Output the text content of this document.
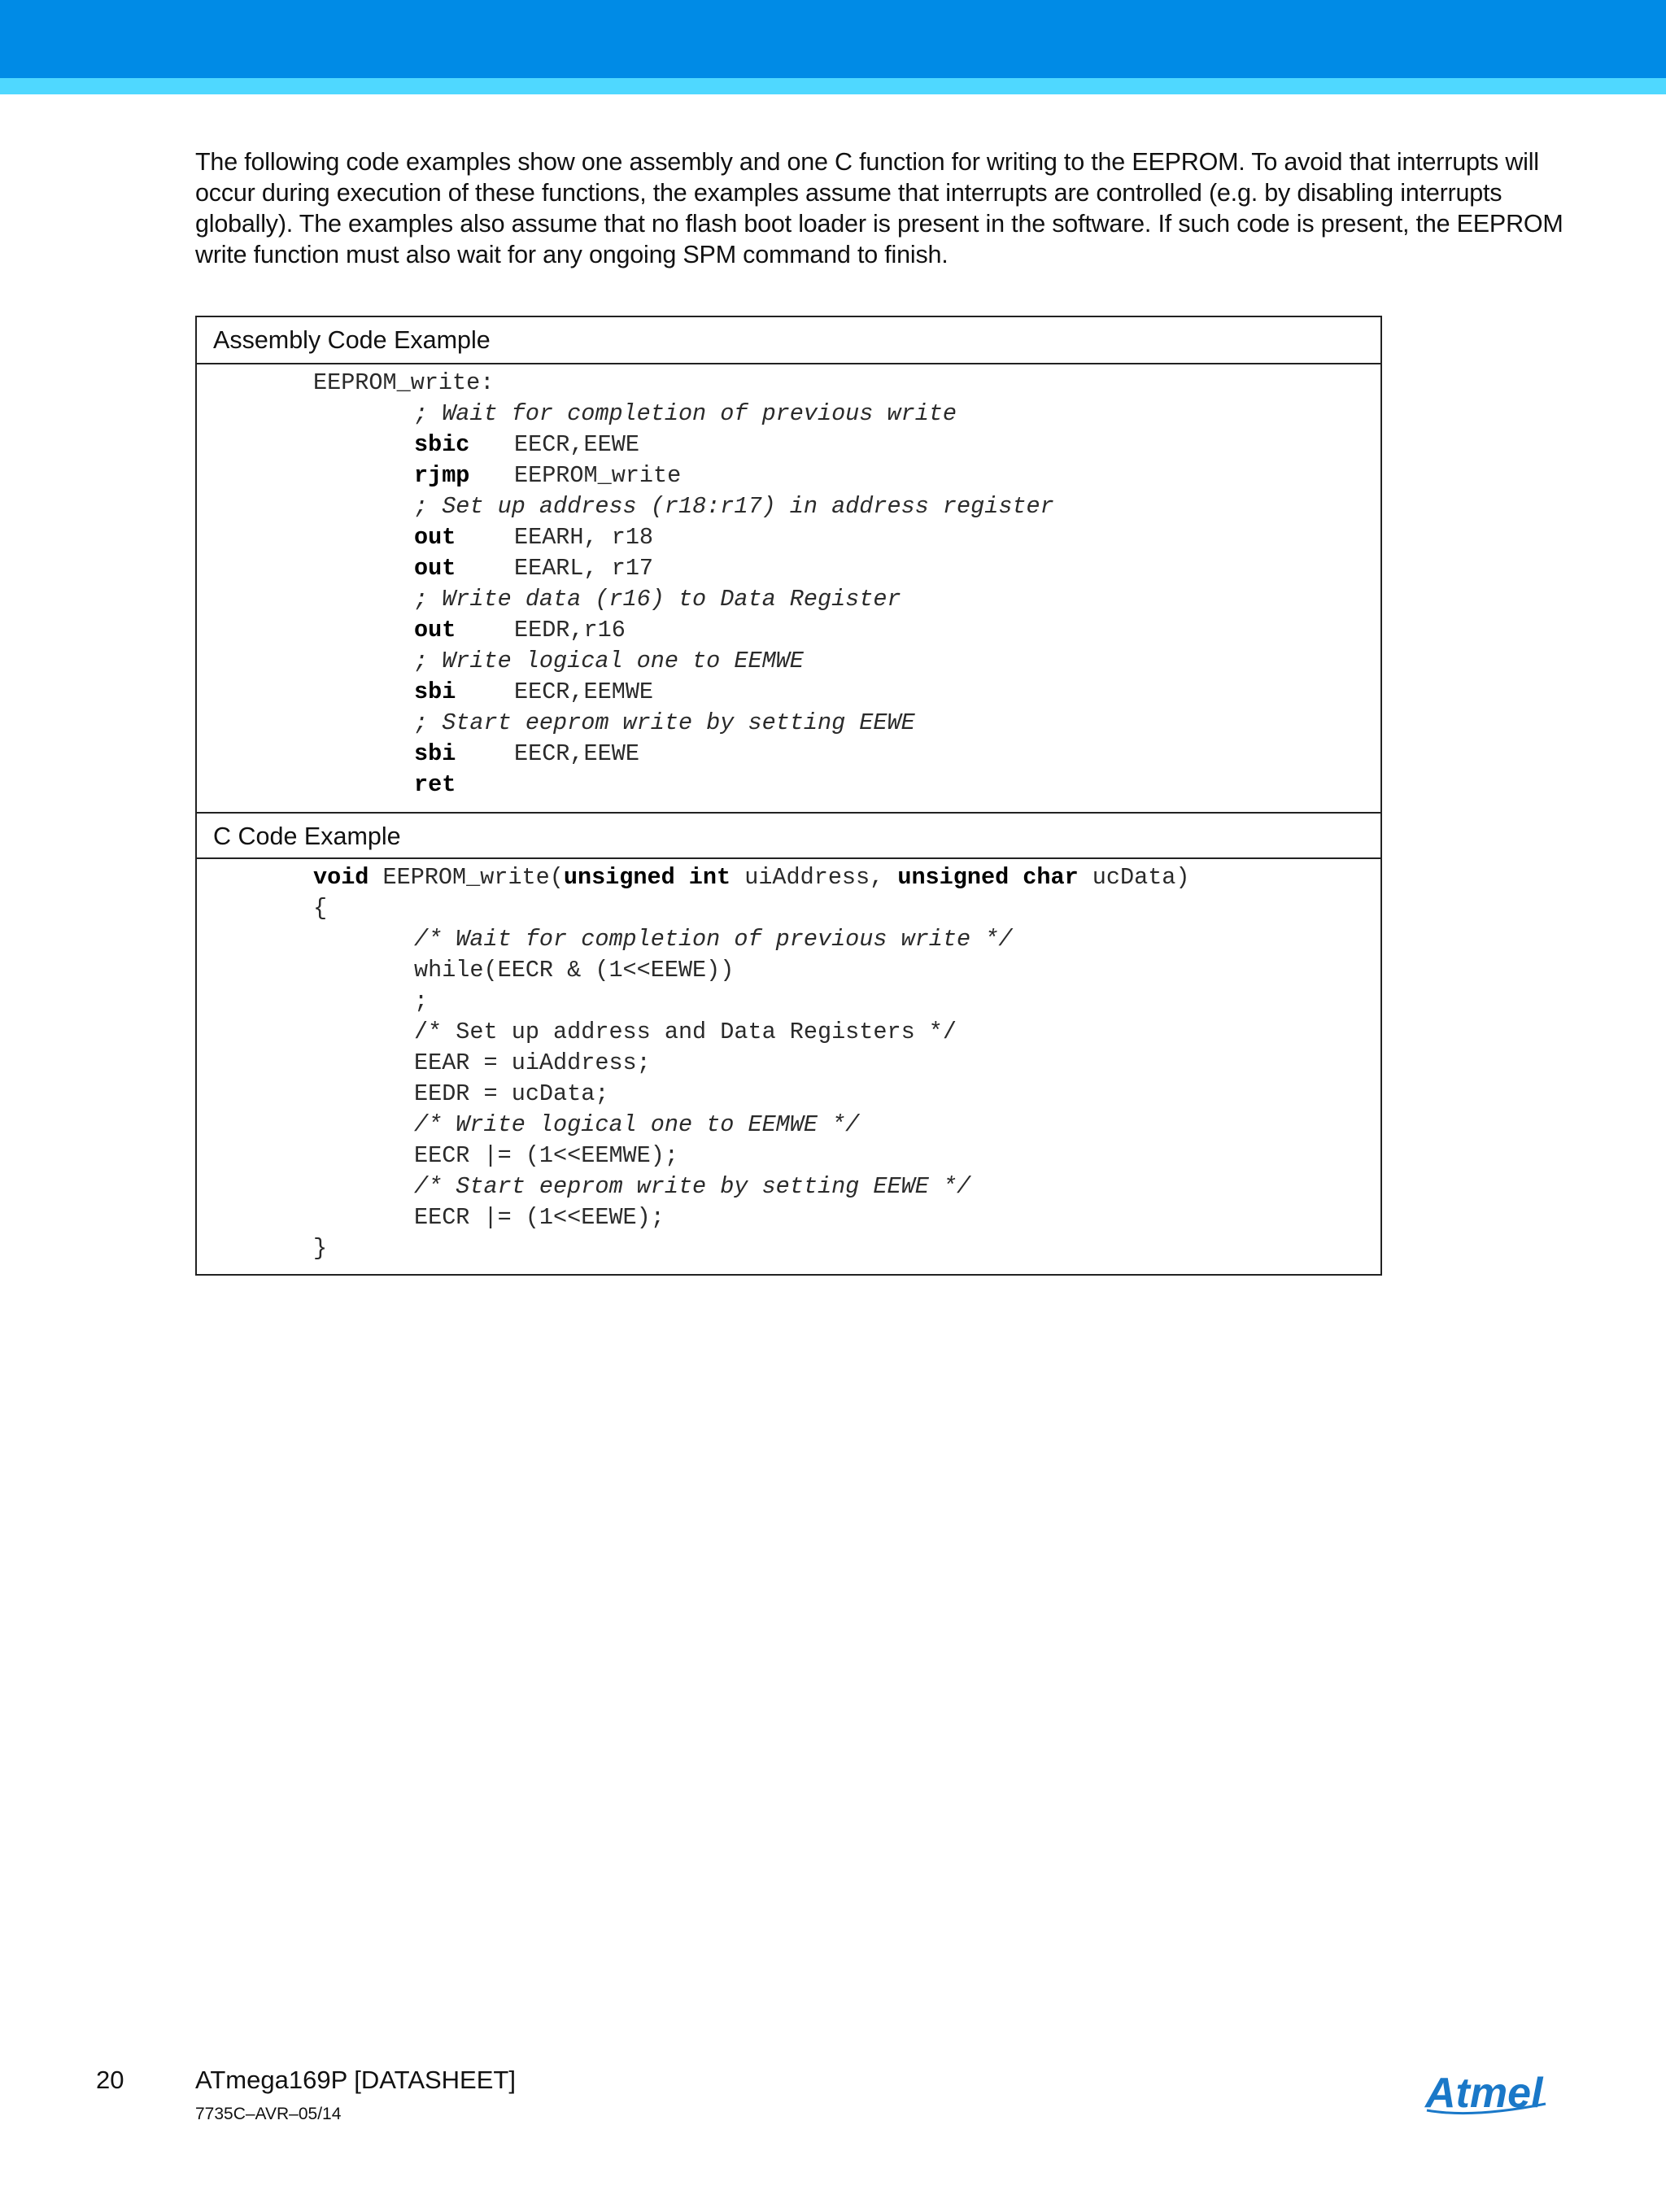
The following code examples show one assembly and one C function for writing to the EEPROM. To avoid that interrupts will occur during execution of these functions, the examples assume that interrupts are controlled (e.g. by disabling interrupts globally). The examples also assume that no flash boot loader is present in the software. If such code is present, the EEPROM write function must also wait for any ongoing SPM command to finish.

Assembly Code Example
EEPROM_write:
; Wait for completion of previous write
sbic EECR,EEWE
rjmp EEPROM_write
; Set up address (r18:r17) in address register
out	EEARH, r18
out	EEARL, r17
; Write data (r16) to Data Register
out	EEDR,r16
; Write logical one to EEMWE
sbi	EECR,EEMWE
; Start eeprom write by setting EEWE
sbi	EECR,EEWE
ret
C Code Example
void EEPROM_write(unsigned int uiAddress, unsigned char ucData)
{
/* Wait for completion of previous write */
while(EECR & (1<<EEWE))
;
/* Set up address and Data Registers */
EEAR = uiAddress;
EEDR = ucData;
/* Write logical one to EEMWE */
EECR |= (1<<EEMWE);
/* Start eeprom write by setting EEWE */
EECR |= (1<<EEWE);
}
20	ATmega169P [DATASHEET]
7735C–AVR–05/14	Atmel
